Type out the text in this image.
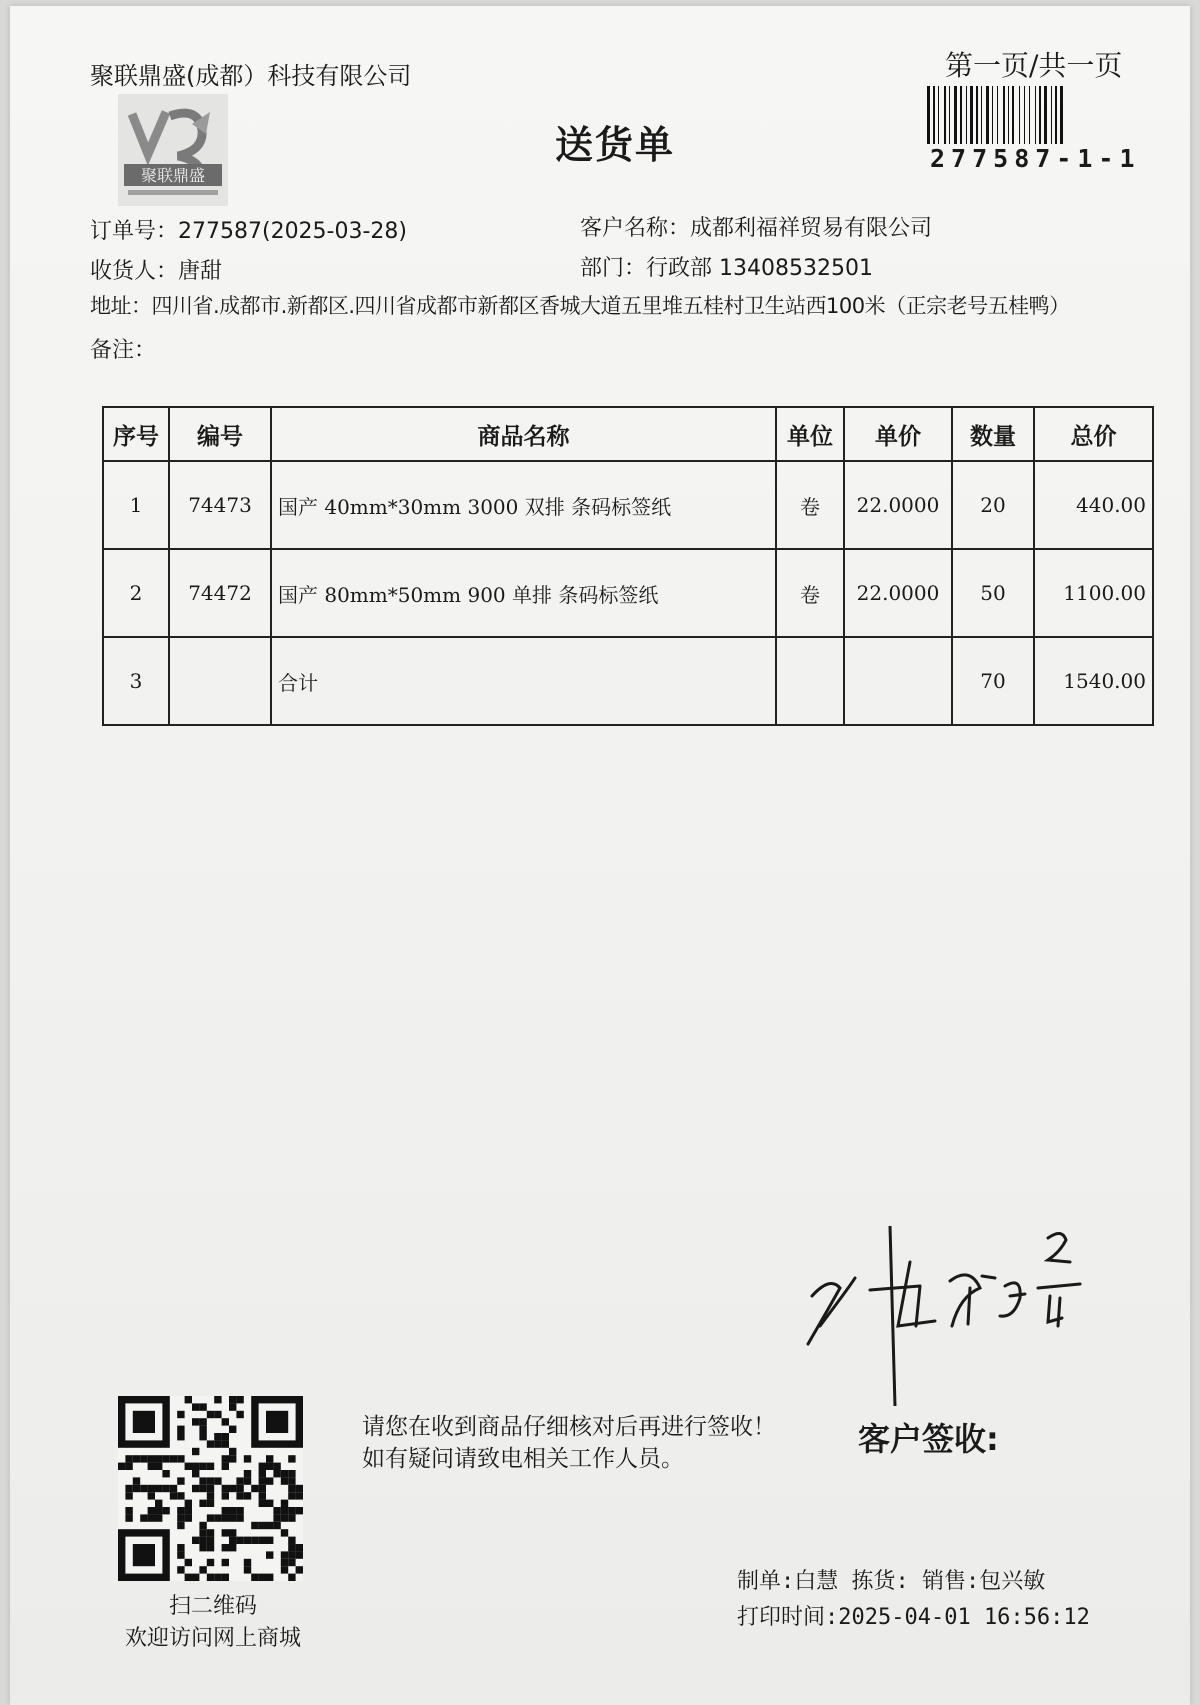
聚联鼎盛(成都）科技有限公司	第一页/共一页
聚联鼎盛
送货单	277587-1-1
订单号：277587(2025-03-28)	客户名称：成都利福祥贸易有限公司
收货人：唐甜	部门：行政部 13408532501
地址：四川省.成都市.新都区.四川省成都市新都区香城大道五里堆五桂村卫生站西100米（正宗老号五桂鸭）
备注：
序号	编号	商品名称	单位	单价	数量	总价
1	74473	国产 40mm*30mm 3000 双排 条码标签纸	卷	22.0000	20	440.00
2	74472	国产 80mm*50mm 900 单排 条码标签纸	卷	22.0000	50	1100.00
3		合计			70	1540.00
扫二维码
欢迎访问网上商城
请您在收到商品仔细核对后再进行签收！如有疑问请致电相关工作人员。
客户签收:
制单:白慧 拣货: 销售:包兴敏
打印时间:2025-04-01 16:56:12
